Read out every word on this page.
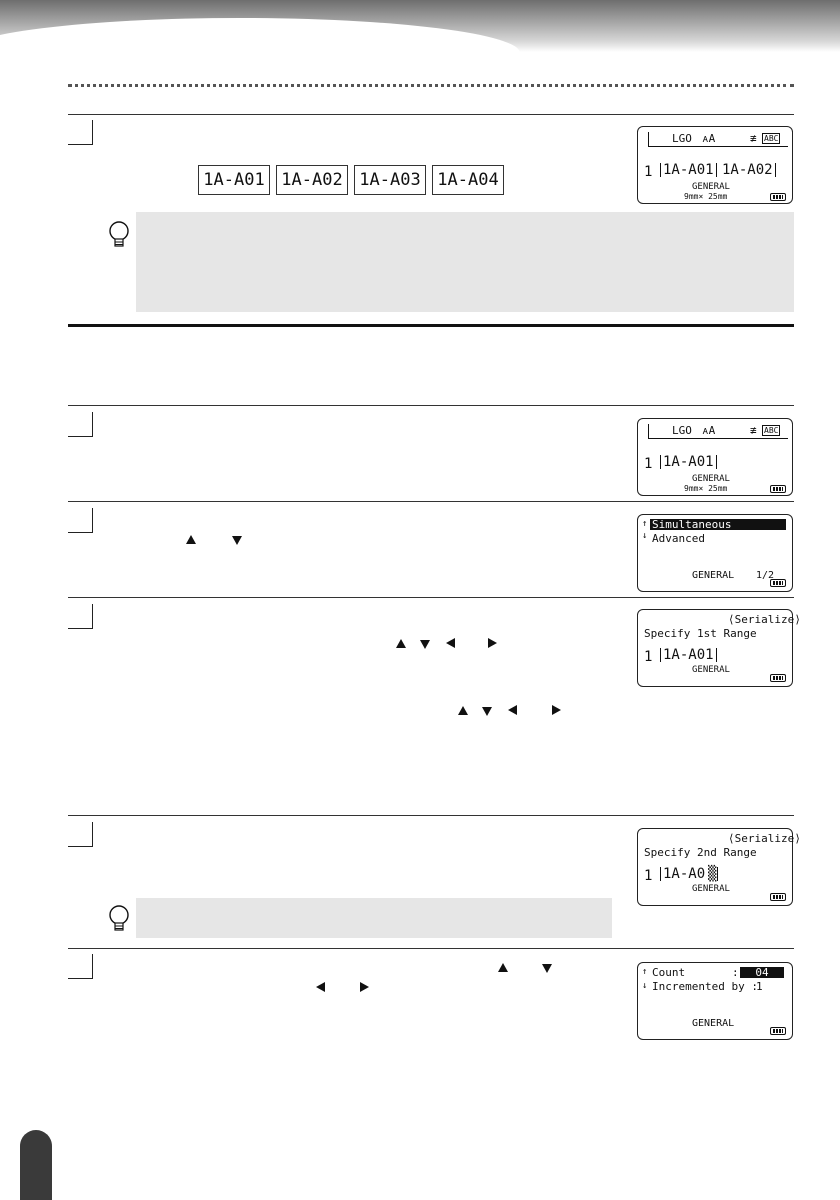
1A-A01 1A-A02 1A-A03 1A-A04
LGO ᴀA	≢ ABC
1 1A-A01 1A-A02
GENERAL
9mm× 25mm
LGO ᴀA	≢ ABC
1 1A-A01
GENERAL
9mm× 25mm
↑
↓
Simultaneous
Advanced
GENERAL 1/2
⟨Serialize⟩
Specify 1st Range
1 1A-A01
GENERAL
⟨Serialize⟩
Specify 2nd Range
1 1A-A0 ▒
GENERAL
↑
↓
Count	:	04
Incremented by :
1
GENERAL
